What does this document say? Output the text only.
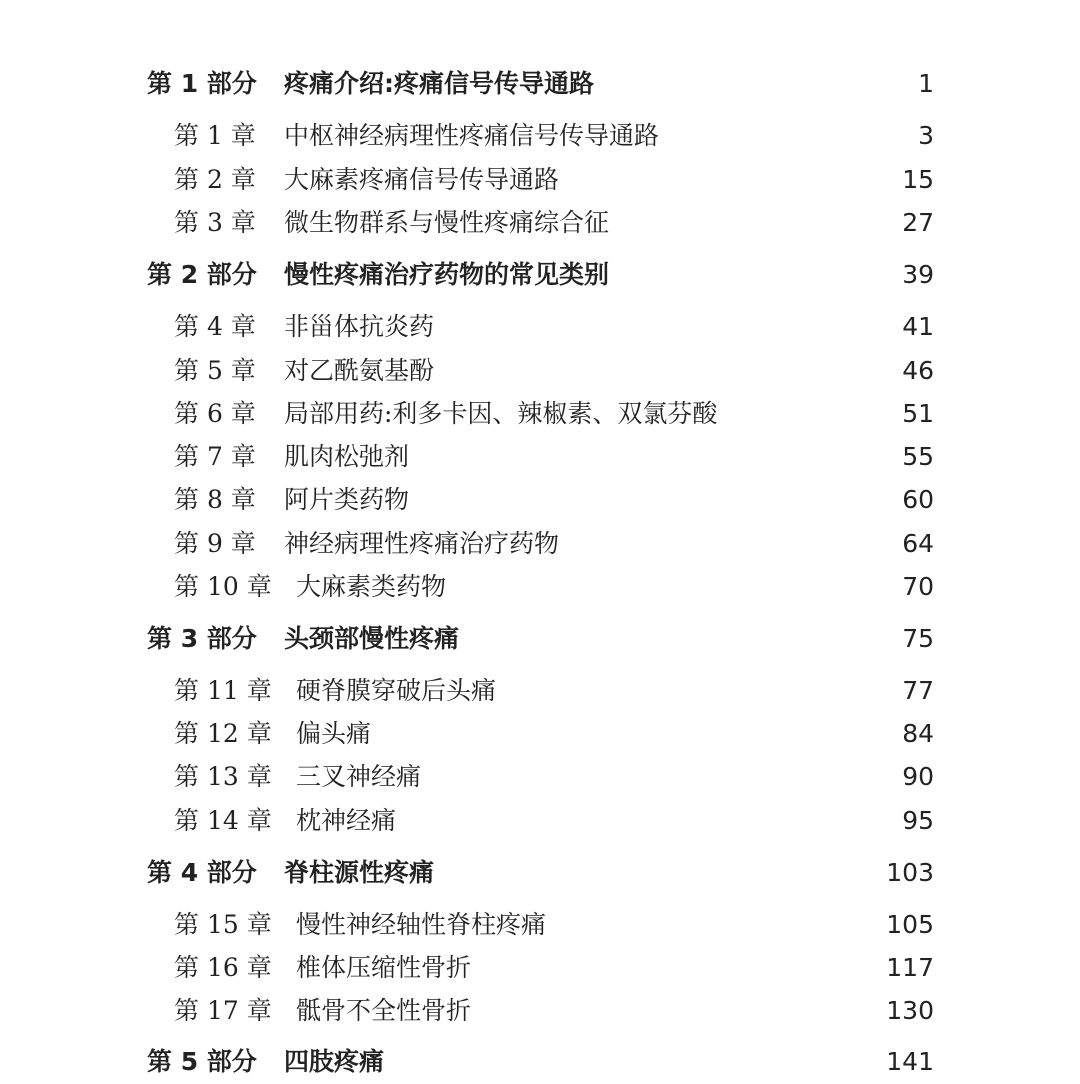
第 1 部分 疼痛介绍:疼痛信号传导通路	1
第 1 章 中枢神经病理性疼痛信号传导通路	3
第 2 章 大麻素疼痛信号传导通路	15
第 3 章 微生物群系与慢性疼痛综合征	27
第 2 部分 慢性疼痛治疗药物的常见类别	39
第 4 章 非甾体抗炎药	41
第 5 章 对乙酰氨基酚	46
第 6 章 局部用药:利多卡因、辣椒素、双氯芬酸	51
第 7 章 肌肉松弛剂	55
第 8 章 阿片类药物	60
第 9 章 神经病理性疼痛治疗药物	64
第 10 章 大麻素类药物	70
第 3 部分 头颈部慢性疼痛	75
第 11 章 硬脊膜穿破后头痛	77
第 12 章 偏头痛	84
第 13 章 三叉神经痛	90
第 14 章 枕神经痛	95
第 4 部分 脊柱源性疼痛	103
第 15 章 慢性神经轴性脊柱疼痛	105
第 16 章 椎体压缩性骨折	117
第 17 章 骶骨不全性骨折	130
第 5 部分 四肢疼痛	141
